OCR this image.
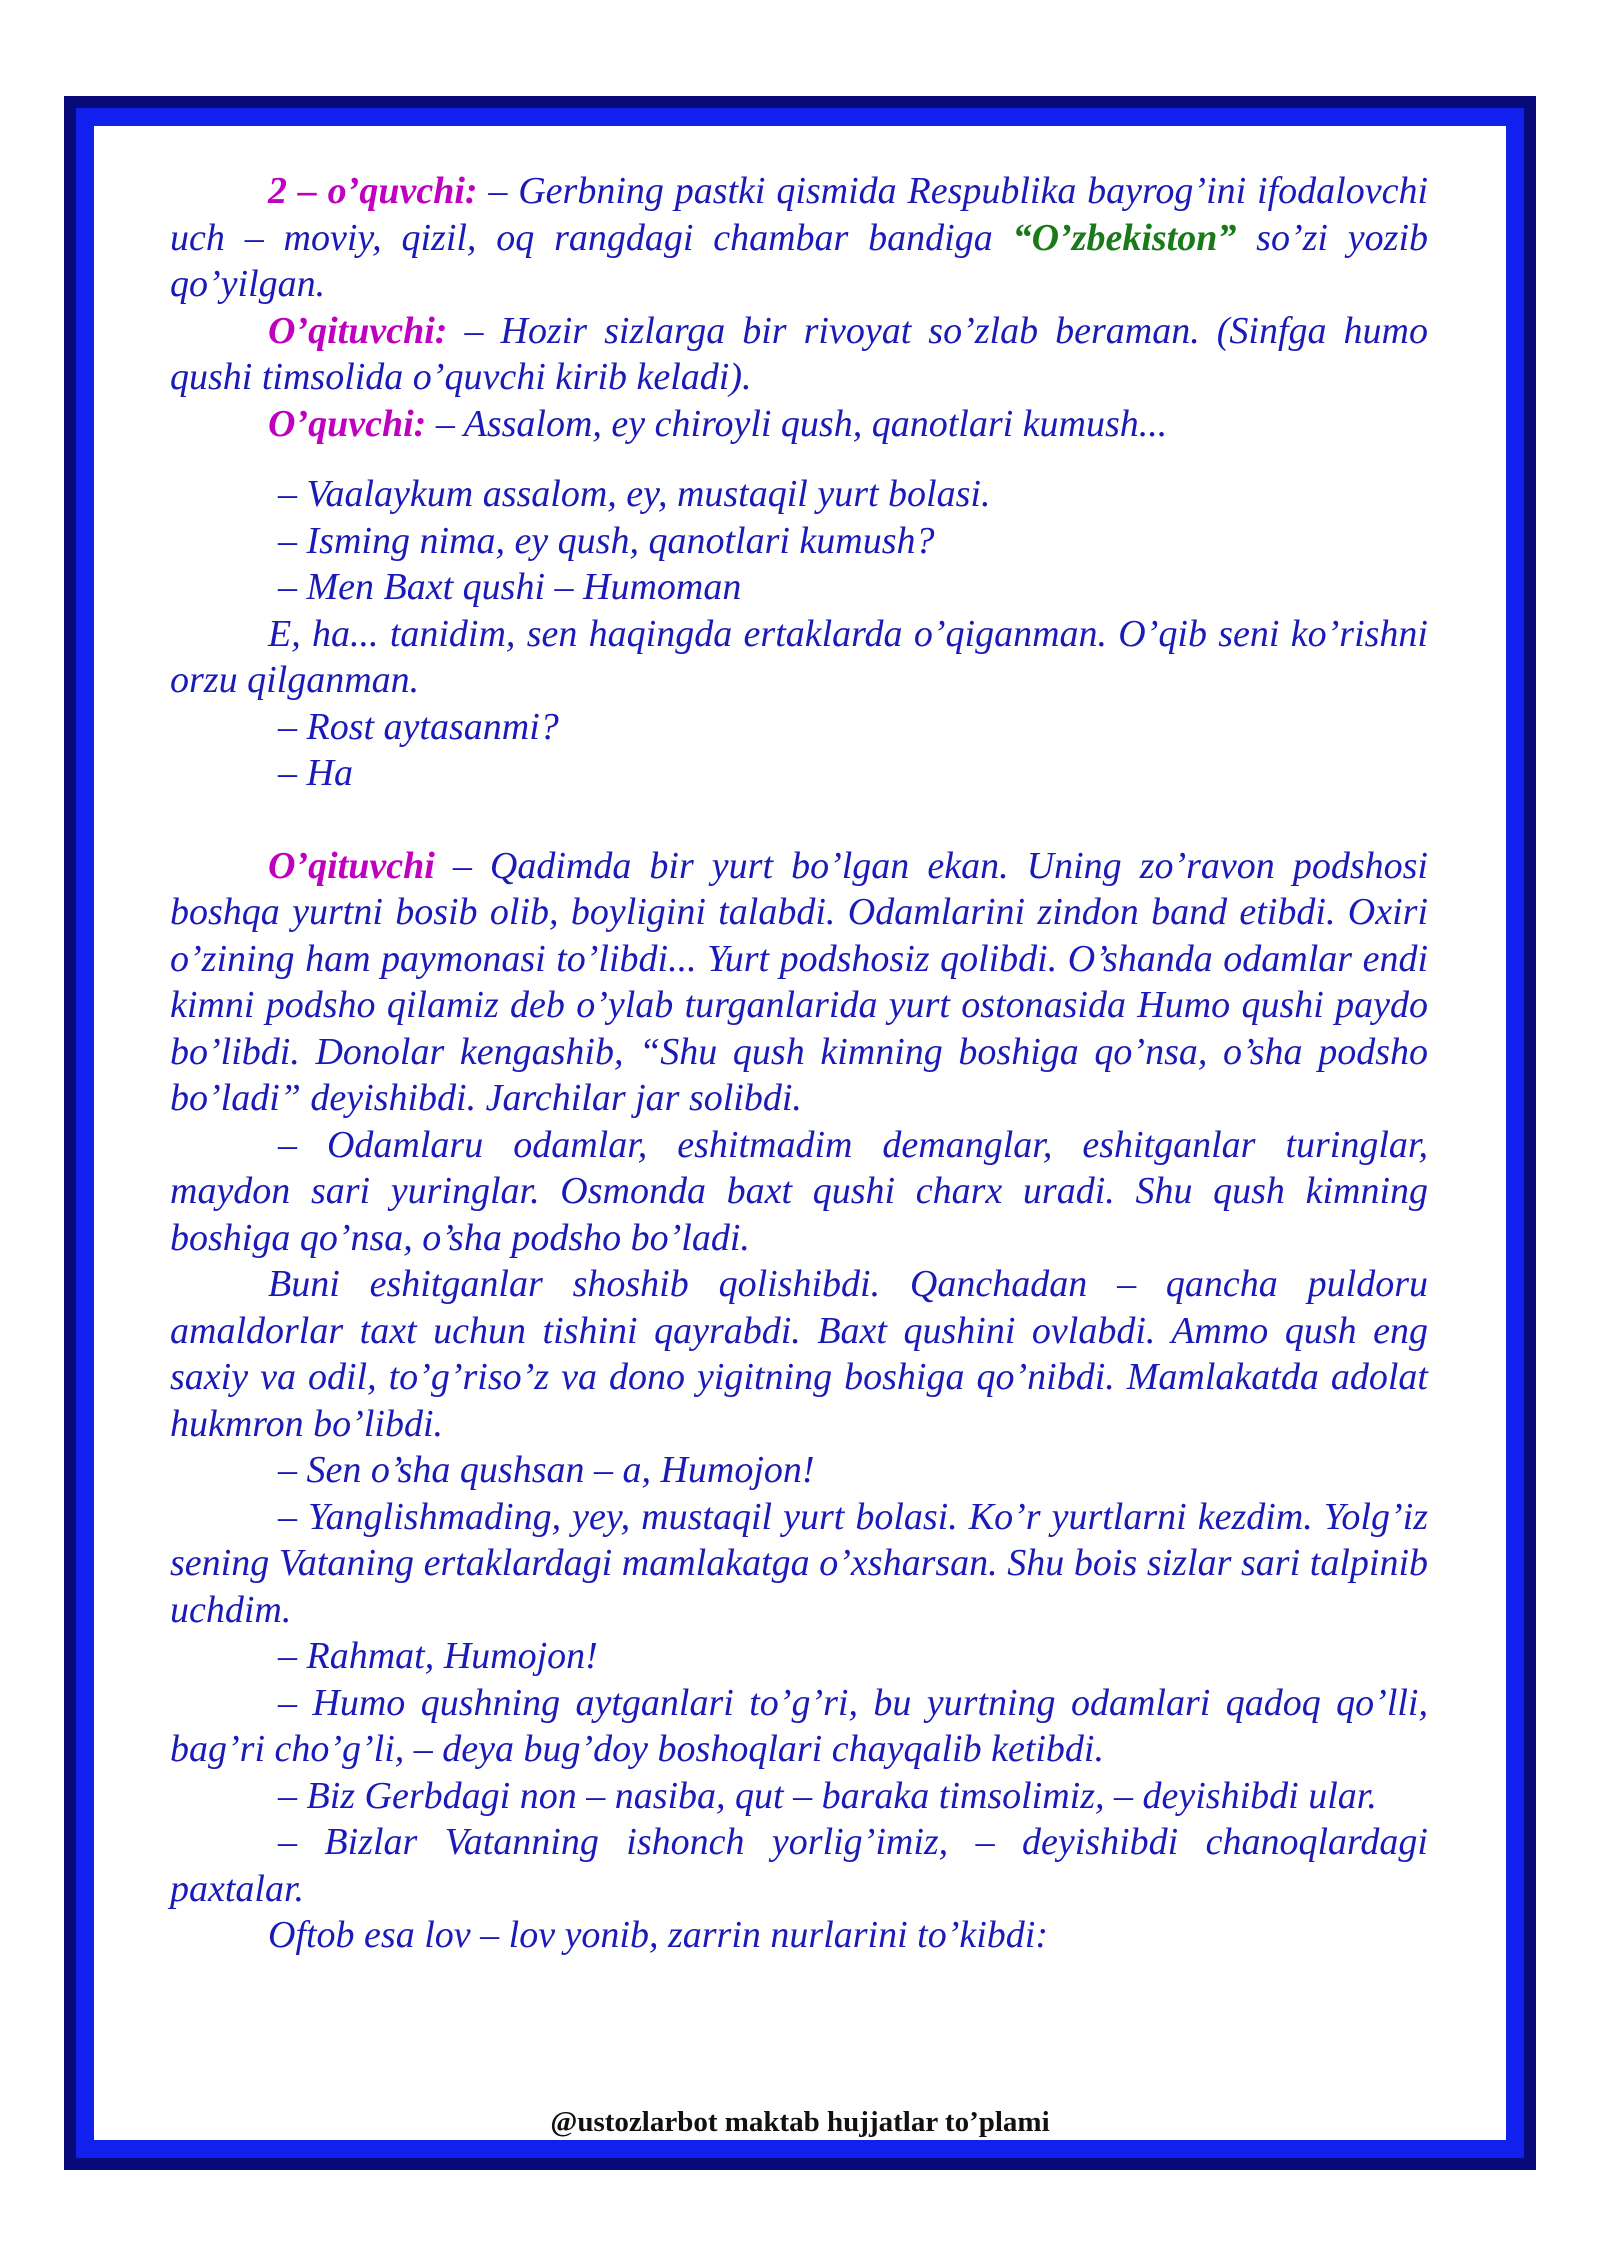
2 – o’quvchi: – Gerbning pastki qismida Respublika bayrog’ini ifodalovchi uch – moviy, qizil, oq rangdagi chambar bandiga “O’zbekiston” so’zi yozib qo’yilgan.

O’qituvchi: – Hozir sizlarga bir rivoyat so’zlab beraman. (Sinfga humo qushi timsolida o’quvchi kirib keladi).

O’quvchi: – Assalom, ey chiroyli qush, qanotlari kumush...

– Vaalaykum assalom, ey, mustaqil yurt bolasi.

– Isming nima, ey qush, qanotlari kumush?

– Men Baxt qushi – Humoman

E, ha... tanidim, sen haqingda ertaklarda o’qiganman. O’qib seni ko’rishni orzu qilganman.

– Rost aytasanmi?

– Ha

O’qituvchi – Qadimda bir yurt bo’lgan ekan. Uning zo’ravon podshosi boshqa yurtni bosib olib, boyligini talabdi. Odamlarini zindon band etibdi. Oxiri o’zining ham paymonasi to’libdi... Yurt podshosiz qolibdi. O’shanda odamlar endi kimni podsho qilamiz deb o’ylab turganlarida yurt ostonasida Humo qushi paydo bo’libdi. Donolar kengashib, “Shu qush kimning boshiga qo’nsa, o’sha podsho bo’ladi” deyishibdi. Jarchilar jar solibdi.

– Odamlaru odamlar, eshitmadim demanglar, eshitganlar turinglar, maydon sari yuringlar. Osmonda baxt qushi charx uradi. Shu qush kimning boshiga qo’nsa, o’sha podsho bo’ladi.

Buni eshitganlar shoshib qolishibdi. Qanchadan – qancha puldoru amaldorlar taxt uchun tishini qayrabdi. Baxt qushini ovlabdi. Ammo qush eng saxiy va odil, to’g’riso’z va dono yigitning boshiga qo’nibdi. Mamlakatda adolat hukmron bo’libdi.

– Sen o’sha qushsan – a, Humojon!

– Yanglishmading, yey, mustaqil yurt bolasi. Ko’r yurtlarni kezdim. Yolg’iz sening Vataning ertaklardagi mamlakatga o’xsharsan. Shu bois sizlar sari talpinib uchdim.

– Rahmat, Humojon!

– Humo qushning aytganlari to’g’ri, bu yurtning odamlari qadoq qo’lli, bag’ri cho’g’li, – deya bug’doy boshoqlari chayqalib ketibdi.

– Biz Gerbdagi non – nasiba, qut – baraka timsolimiz, – deyishibdi ular.

– Bizlar Vatanning ishonch yorlig’imiz, – deyishibdi chanoqlardagi paxtalar.

Oftob esa lov – lov yonib, zarrin nurlarini to’kibdi:

@ustozlarbot maktab hujjatlar to’plami
